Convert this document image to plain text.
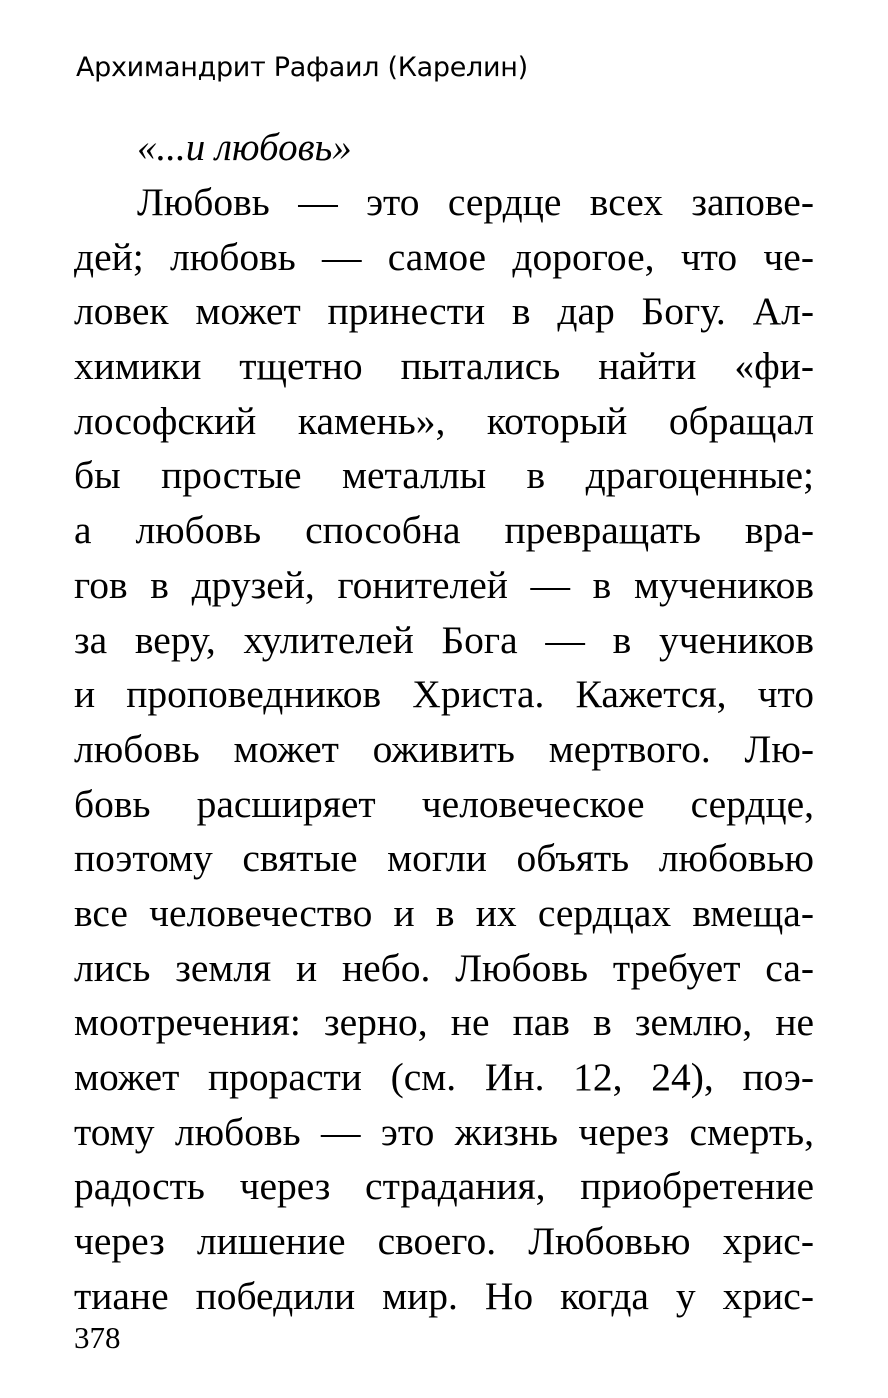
Архимандрит Рафаил (Карелин)
«...и любовь»
Любовь — это сердце всех запове-
дей; любовь — самое дорогое, что че-
ловек может принести в дар Богу. Ал-
химики тщетно пытались найти «фи-
лософский камень», который обращал
бы простые металлы в драгоценные;
а любовь способна превращать вра-
гов в друзей, гонителей — в мучеников
за веру, хулителей Бога — в учеников
и проповедников Христа. Кажется, что
любовь может оживить мертвого. Лю-
бовь расширяет человеческое сердце,
поэтому святые могли объять любовью
все человечество и в их сердцах вмеща-
лись земля и небо. Любовь требует са-
моотречения: зерно, не пав в землю, не
может прорасти (см. Ин. 12, 24), поэ-
тому любовь — это жизнь через смерть,
радость через страдания, приобретение
через лишение своего. Любовью хрис-
тиане победили мир. Но когда у хрис-
378
